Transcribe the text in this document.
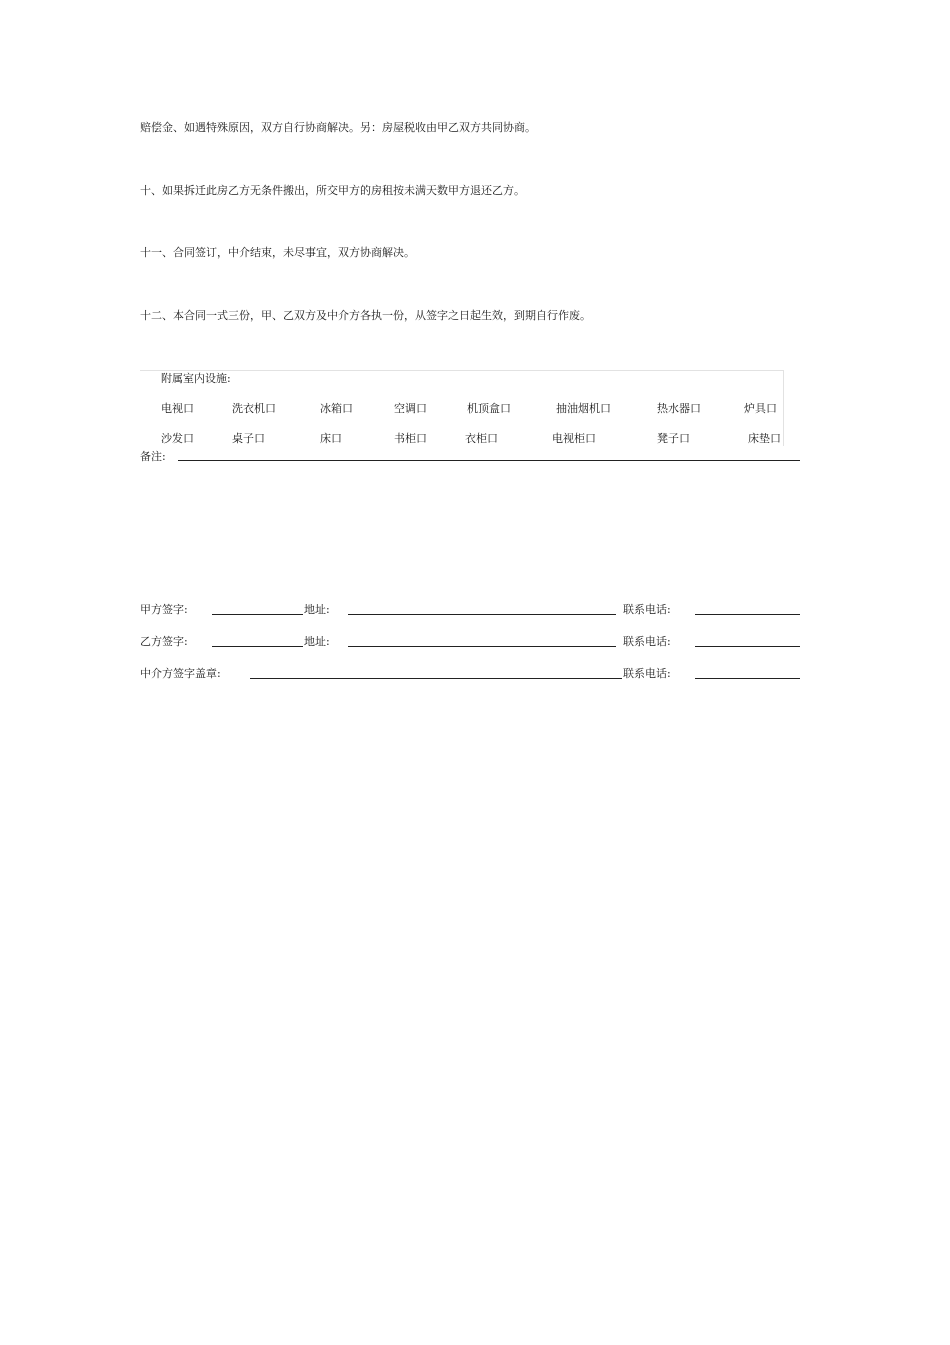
赔偿金、如遇特殊原因，双方自行协商解决。另：房屋税收由甲乙双方共同协商。
十、如果拆迁此房乙方无条件搬出，所交甲方的房租按未满天数甲方退还乙方。
十一、合同签订，中介结束，未尽事宜，双方协商解决。
十二、本合同一式三份，甲、乙双方及中介方各执一份，从签字之日起生效，到期自行作废。
附属室内设施:
电视口	洗衣机口	冰箱口	空调口	机顶盒口	抽油烟机口	热水器口	炉具口
沙发口	桌子口	床口	书柜口	衣柜口	电视柜口	凳子口	床垫口
备注:
甲方签字:	地址:	联系电话:
乙方签字:	地址:	联系电话:
中介方签字盖章:	联系电话:
